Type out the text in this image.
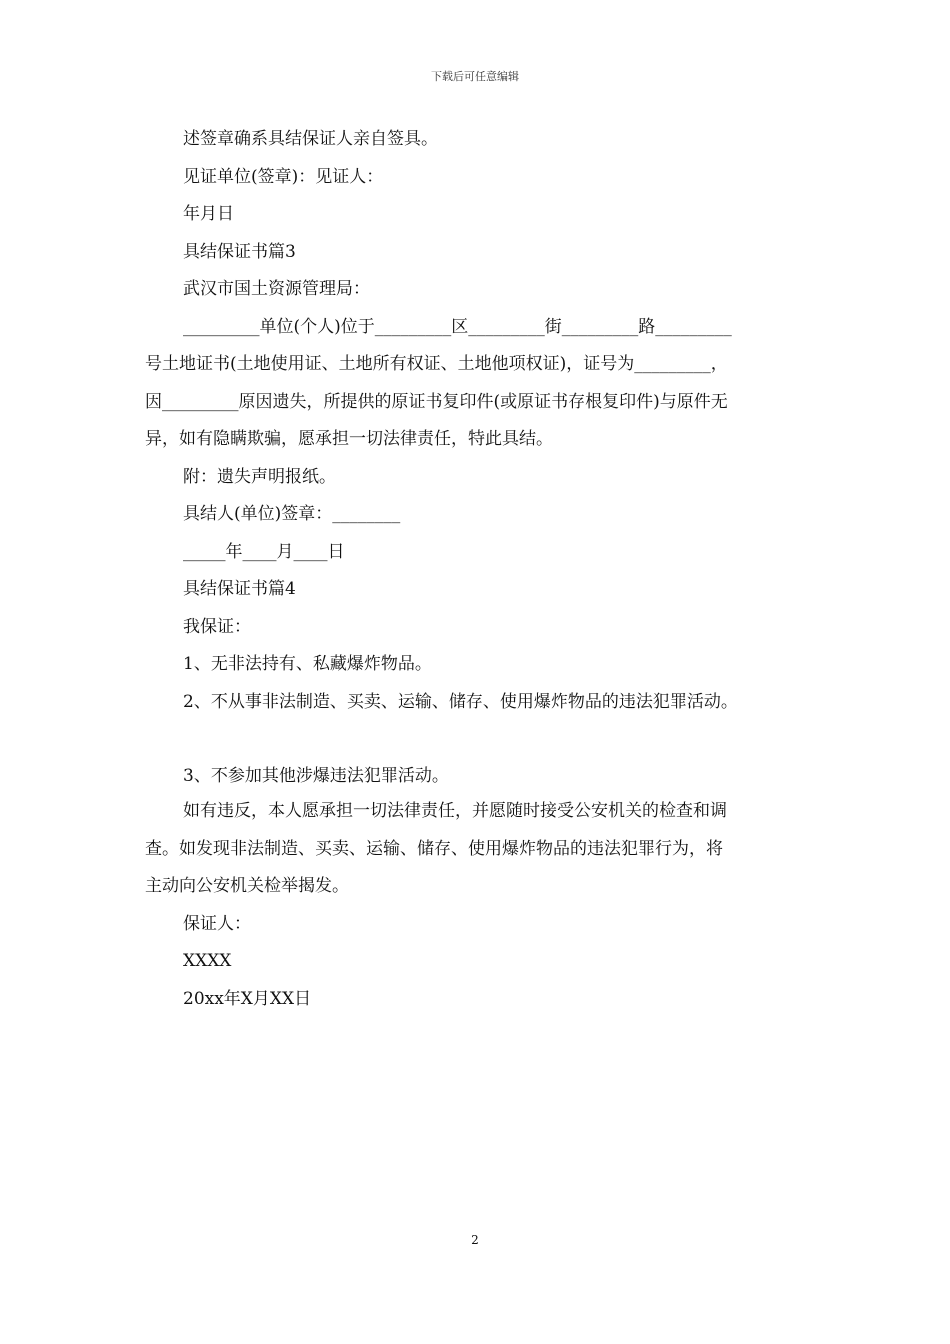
下载后可任意编辑
述签章确系具结保证人亲自签具。
见证单位(签章)：见证人：
年月日
具结保证书篇3
武汉市国土资源管理局：
_________单位(个人)位于_________区_________街_________路_________
号土地证书(土地使用证、土地所有权证、土地他项权证)，证号为_________，
因_________原因遗失，所提供的原证书复印件(或原证书存根复印件)与原件无
异，如有隐瞒欺骗，愿承担一切法律责任，特此具结。
附：遗失声明报纸。
具结人(单位)签章：________
_____年____月____日
具结保证书篇4
我保证：
1、无非法持有、私藏爆炸物品。
2、不从事非法制造、买卖、运输、储存、使用爆炸物品的违法犯罪活动。
3、不参加其他涉爆违法犯罪活动。
如有违反，本人愿承担一切法律责任，并愿随时接受公安机关的检查和调
查。如发现非法制造、买卖、运输、储存、使用爆炸物品的违法犯罪行为，将
主动向公安机关检举揭发。
保证人：
XXXX
20xx年X月XX日
2
